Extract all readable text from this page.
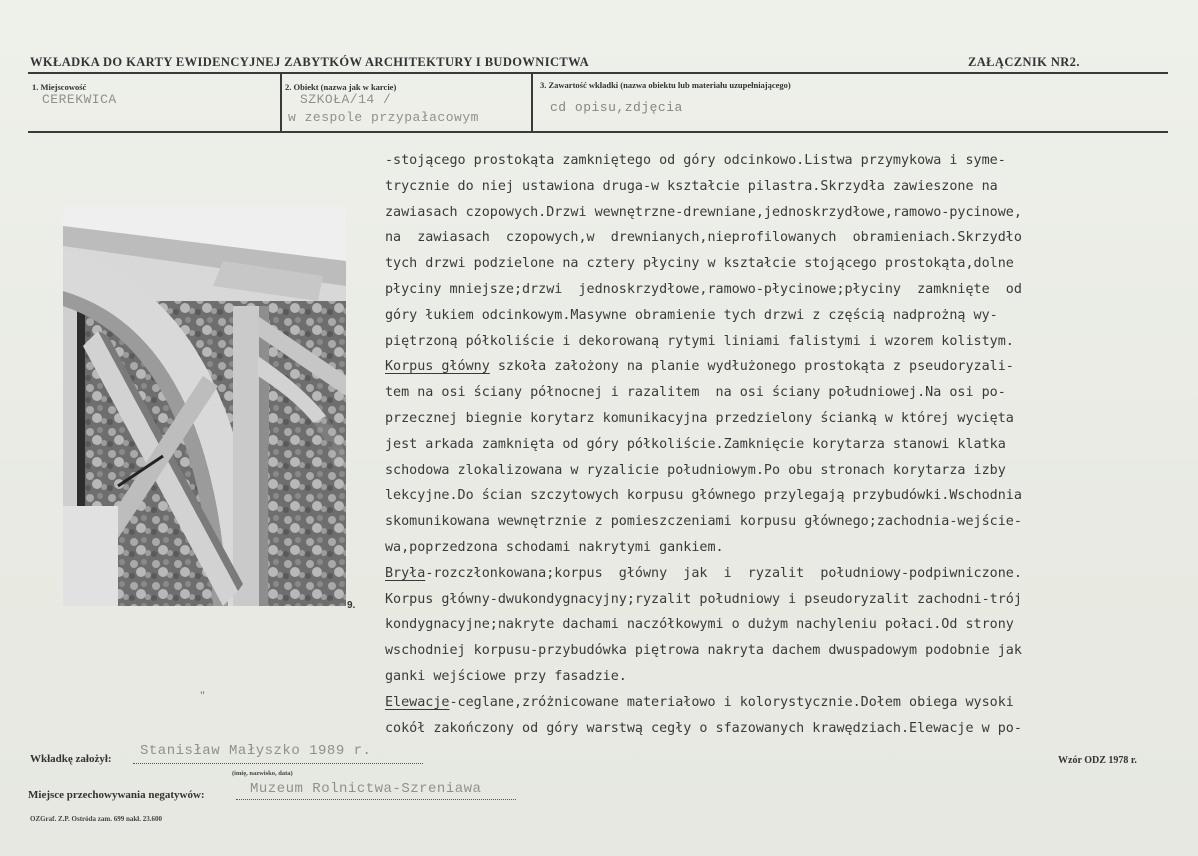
WKŁADKA DO KARTY EWIDENCYJNEJ ZABYTKÓW ARCHITEKTURY I BUDOWNICTWA	ZAŁĄCZNIK NR2.
1. Miejscowość
CEREKWICA
2. Obiekt (nazwa jak w karcie)
SZKOŁA/14 /
w zespole przypałacowym
3. Zawartość wkładki (nazwa obiektu lub materiału uzupełniającego)
cd opisu,zdjęcia
9.
"
-stojącego prostokąta zamkniętego od góry odcinkowo.Listwa przymykowa i syme-
trycznie do niej ustawiona druga-w kształcie pilastra.Skrzydła zawieszone na
zawiasach czopowych.Drzwi wewnętrzne-drewniane,jednoskrzydłowe,ramowo-pycinowe,
na  zawiasach  czopowych,w  drewnianych,nieprofilowanych  obramieniach.Skrzydło
tych drzwi podzielone na cztery płyciny w kształcie stojącego prostokąta,dolne
płyciny mniejsze;drzwi  jednoskrzydłowe,ramowo-płycinowe;płyciny  zamknięte  od
góry łukiem odcinkowym.Masywne obramienie tych drzwi z częścią nadprożną wy-
piętrzoną półkoliście i dekorowaną rytymi liniami falistymi i wzorem kolistym.
Korpus główny szkoła założony na planie wydłużonego prostokąta z pseudoryzali-
tem na osi ściany północnej i razalitem  na osi ściany południowej.Na osi po-
przecznej biegnie korytarz komunikacyjna przedzielony ścianką w której wycięta
jest arkada zamknięta od góry półkoliście.Zamknięcie korytarza stanowi klatka
schodowa zlokalizowana w ryzalicie południowym.Po obu stronach korytarza izby
lekcyjne.Do ścian szczytowych korpusu głównego przylegają przybudówki.Wschodnia
skomunikowana wewnętrznie z pomieszczeniami korpusu głównego;zachodnia-wejście-
wa,poprzedzona schodami nakrytymi gankiem.
Bryła-rozczłonkowana;korpus  główny  jak  i  ryzalit  południowy-podpiwniczone.
Korpus główny-dwukondygnacyjny;ryzalit południowy i pseudoryzalit zachodni-trój
kondygnacyjne;nakryte dachami naczółkowymi o dużym nachyleniu połaci.Od strony
wschodniej korpusu-przybudówka piętrowa nakryta dachem dwuspadowym podobnie jak
ganki wejściowe przy fasadzie.
Elewacje-ceglane,zróżnicowane materiałowo i kolorystycznie.Dołem obiega wysoki
cokół zakończony od góry warstwą cegły o sfazowanych krawędziach.Elewacje w po-
Wkładkę założył: Stanisław Małyszko 1989 r.
(imię, nazwisko, data)
Miejsce przechowywania negatywów:	Muzeum Rolnictwa-Szreniawa
OZGraf. Z.P. Ostróda zam. 699 nakł. 23.600
Wzór ODZ 1978 r.
